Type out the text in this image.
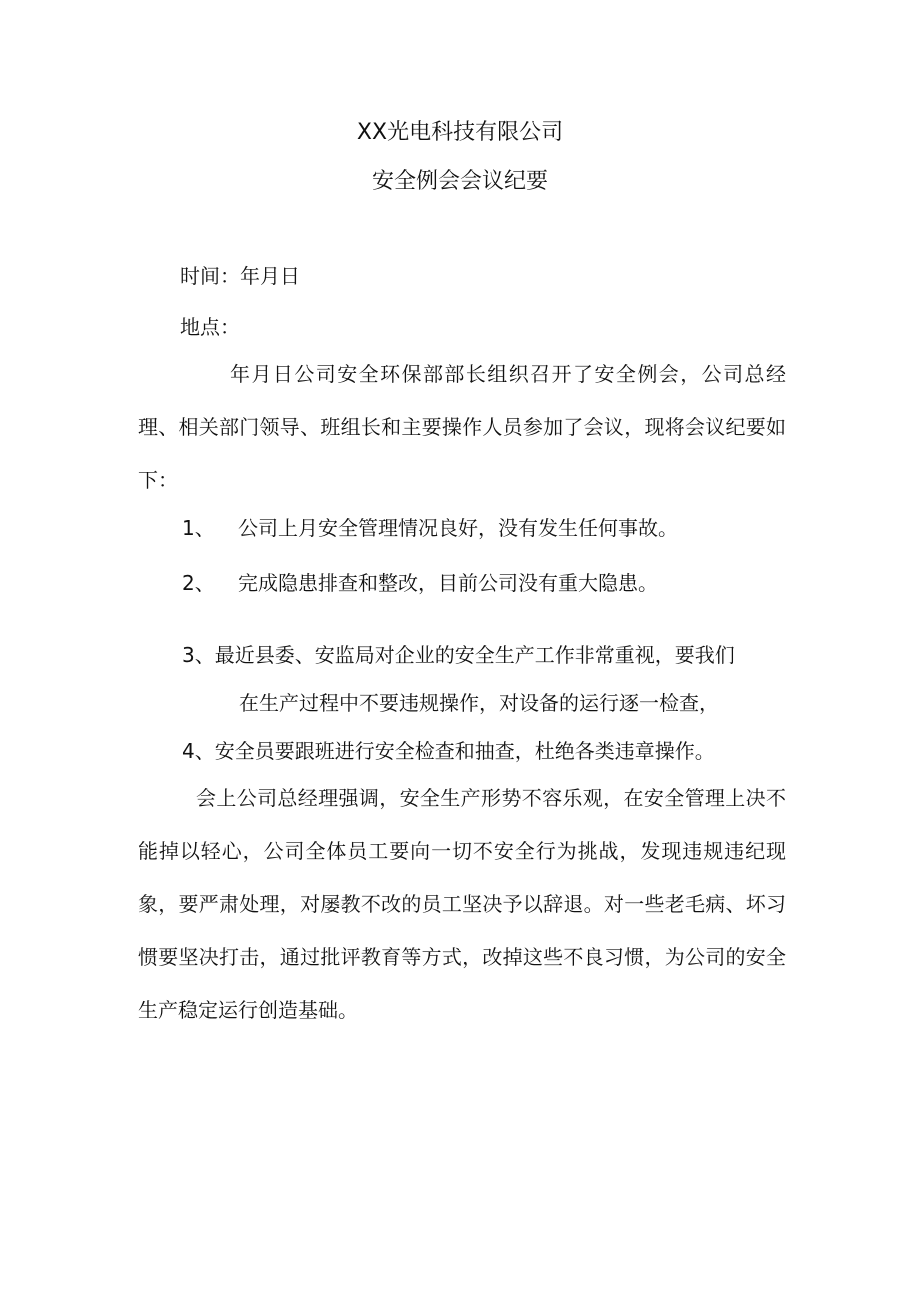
XX光电科技有限公司
安全例会会议纪要
时间：年月日
地点：

年月日公司安全环保部部长组织召开了安全例会，公司总经理、相关部门领导、班组长和主要操作人员参加了会议，现将会议纪要如下：

1、 公司上月安全管理情况良好，没有发生任何事故。
2、 完成隐患排查和整改，目前公司没有重大隐患。
3、最近县委、安监局对企业的安全生产工作非常重视，要我们
在生产过程中不要违规操作，对设备的运行逐一检查，
4、安全员要跟班进行安全检查和抽查，杜绝各类违章操作。

会上公司总经理强调，安全生产形势不容乐观，在安全管理上决不能掉以轻心，公司全体员工要向一切不安全行为挑战，发现违规违纪现象，要严肃处理，对屡教不改的员工坚决予以辞退。对一些老毛病、坏习惯要坚决打击，通过批评教育等方式，改掉这些不良习惯，为公司的安全生产稳定运行创造基础。
